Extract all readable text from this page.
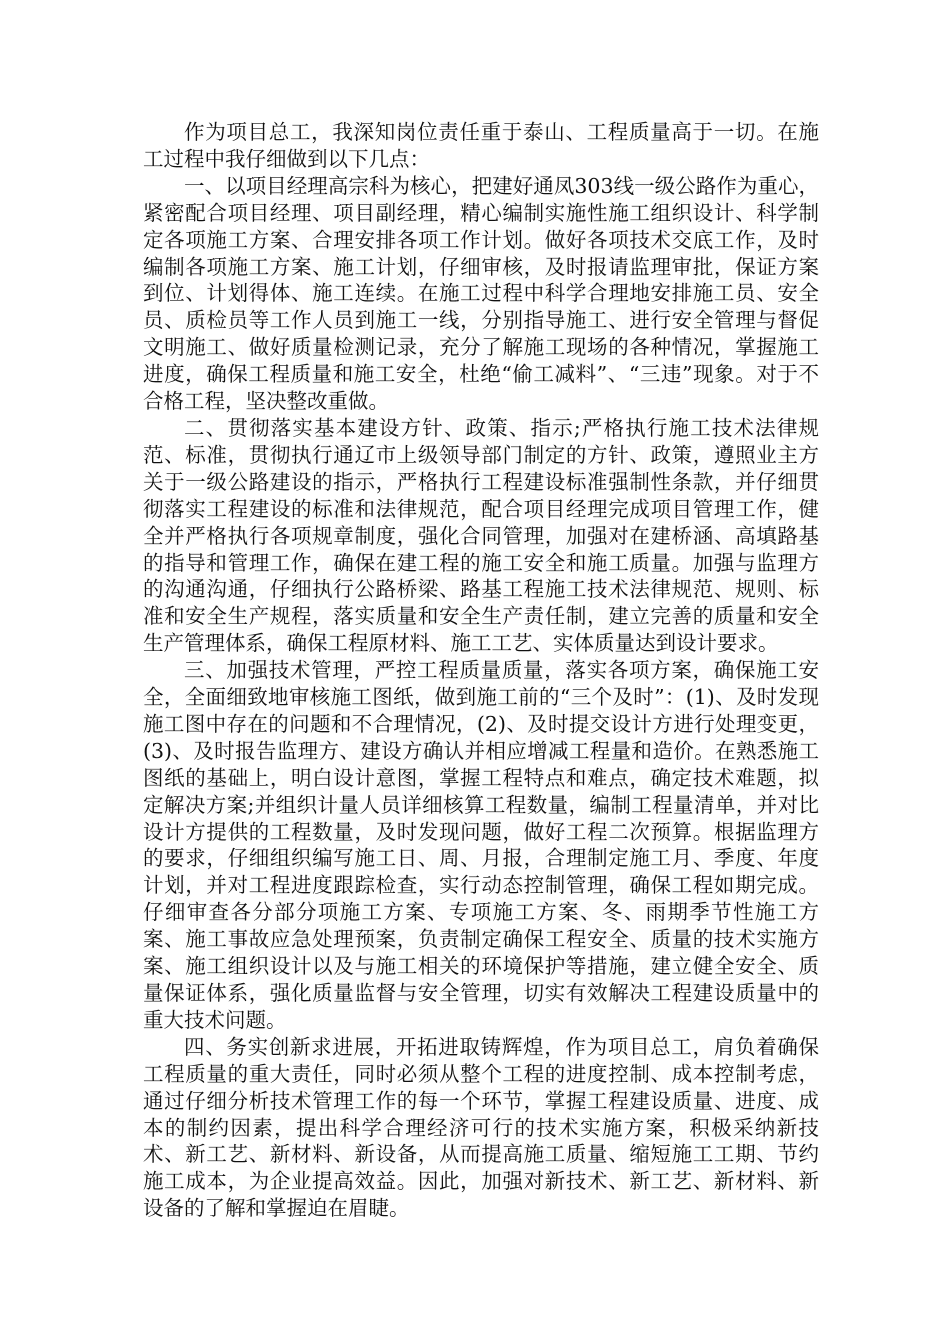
作为项目总工，我深知岗位责任重于泰山、工程质量高于一切。在施工过程中我仔细做到以下几点：

一、以项目经理高宗科为核心，把建好通凤303线一级公路作为重心，紧密配合项目经理、项目副经理，精心编制实施性施工组织设计、科学制定各项施工方案、合理安排各项工作计划。做好各项技术交底工作，及时编制各项施工方案、施工计划，仔细审核，及时报请监理审批，保证方案到位、计划得体、施工连续。在施工过程中科学合理地安排施工员、安全员、质检员等工作人员到施工一线，分别指导施工、进行安全管理与督促文明施工、做好质量检测记录，充分了解施工现场的各种情况，掌握施工进度，确保工程质量和施工安全，杜绝“偷工减料”、“三违”现象。对于不合格工程，坚决整改重做。

二、贯彻落实基本建设方针、政策、指示;严格执行施工技术法律规范、标准，贯彻执行通辽市上级领导部门制定的方针、政策，遵照业主方关于一级公路建设的指示，严格执行工程建设标准强制性条款，并仔细贯彻落实工程建设的标准和法律规范，配合项目经理完成项目管理工作，健全并严格执行各项规章制度，强化合同管理，加强对在建桥涵、高填路基的指导和管理工作，确保在建工程的施工安全和施工质量。加强与监理方的沟通沟通，仔细执行公路桥梁、路基工程施工技术法律规范、规则、标准和安全生产规程，落实质量和安全生产责任制，建立完善的质量和安全生产管理体系，确保工程原材料、施工工艺、实体质量达到设计要求。

三、加强技术管理，严控工程质量质量，落实各项方案，确保施工安全，全面细致地审核施工图纸，做到施工前的“三个及时”：(1)、及时发现施工图中存在的问题和不合理情况，(2)、及时提交设计方进行处理变更，(3)、及时报告监理方、建设方确认并相应增减工程量和造价。在熟悉施工图纸的基础上，明白设计意图，掌握工程特点和难点，确定技术难题，拟定解决方案;并组织计量人员详细核算工程数量，编制工程量清单，并对比设计方提供的工程数量，及时发现问题，做好工程二次预算。根据监理方的要求，仔细组织编写施工日、周、月报，合理制定施工月、季度、年度计划，并对工程进度跟踪检查，实行动态控制管理，确保工程如期完成。仔细审查各分部分项施工方案、专项施工方案、冬、雨期季节性施工方案、施工事故应急处理预案，负责制定确保工程安全、质量的技术实施方案、施工组织设计以及与施工相关的环境保护等措施，建立健全安全、质量保证体系，强化质量监督与安全管理，切实有效解决工程建设质量中的重大技术问题。

四、务实创新求进展，开拓进取铸辉煌，作为项目总工，肩负着确保工程质量的重大责任，同时必须从整个工程的进度控制、成本控制考虑，通过仔细分析技术管理工作的每一个环节，掌握工程建设质量、进度、成本的制约因素，提出科学合理经济可行的技术实施方案，积极采纳新技术、新工艺、新材料、新设备，从而提高施工质量、缩短施工工期、节约施工成本，为企业提高效益。因此，加强对新技术、新工艺、新材料、新设备的了解和掌握迫在眉睫。
